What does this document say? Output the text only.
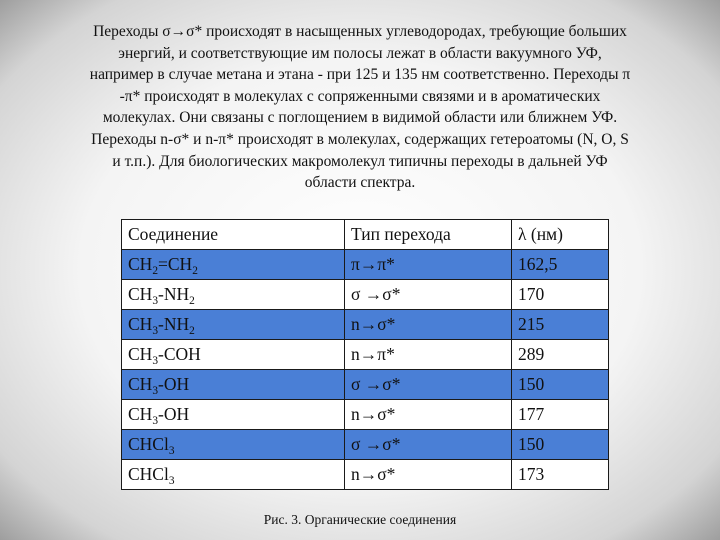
Переходы σ→σ* происходят в насыщенных углеводородах, требующие больших
энергий, и соответствующие им полосы лежат в области вакуумного УФ,
например в случае метана и этана - при 125 и 135 нм соответственно. Переходы π
-π* происходят в молекулах с сопряженными связями и в ароматических
молекулах. Они связаны с поглощением в видимой области или ближнем УФ.
Переходы n-σ* и n-π* происходят в молекулах, содержащих гетероатомы (N, O, S
и т.п.). Для биологических макромолекул типичны переходы в дальней УФ
области спектра.
Соединение	Тип перехода	λ (нм)
$CH_2=CH_2$	π→π*	162,5
$CH_3-NH_2$	σ →σ*	170
$CH_3-NH_2$	n→σ*	215
$CH_3$-COH	n→π*	289
$CH_3-OH$	σ →σ*	150
$CH_3-OH$	n→σ*	177
CHCl$_3$	σ →σ*	150
CHCl$_3$	n→σ*	173
Рис. 3. Органические соединения
